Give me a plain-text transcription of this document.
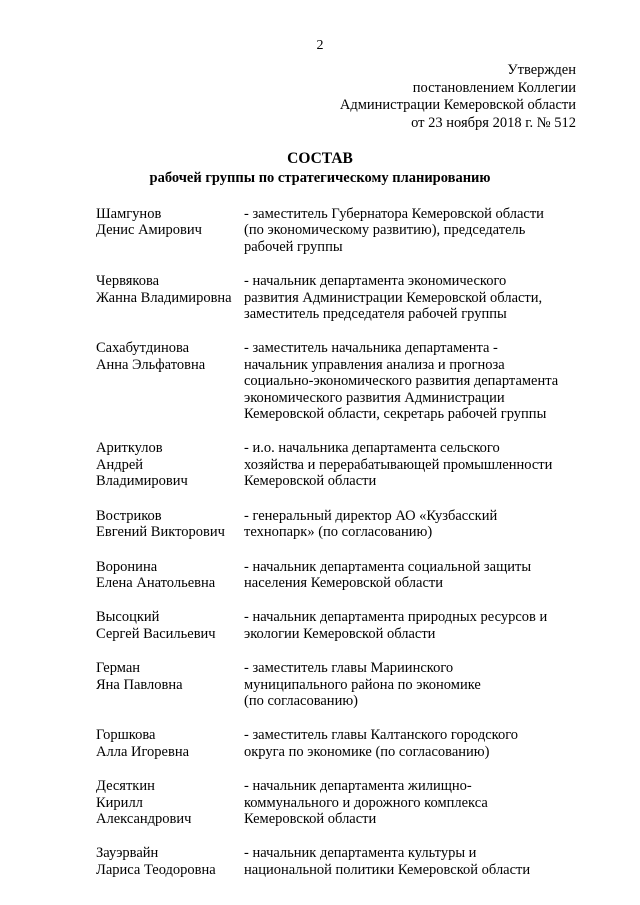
2
Утвержден
постановлением Коллегии
Администрации Кемеровской области
от 23 ноября 2018 г. № 512
СОСТАВ
рабочей группы по стратегическому планированию
Шамгунов
Денис Амирович
- заместитель Губернатора Кемеровской области
(по экономическому развитию), председатель
рабочей группы
Червякова
Жанна Владимировна
- начальник департамента экономического
развития Администрации Кемеровской области,
заместитель председателя рабочей группы
Сахабутдинова
Анна Эльфатовна
- заместитель начальника департамента -
начальник управления анализа и прогноза
социально-экономического развития департамента
экономического развития Администрации
Кемеровской области, секретарь рабочей группы
Ариткулов
Андрей
Владимирович
- и.о. начальника департамента сельского
хозяйства и перерабатывающей промышленности
Кемеровской области
Востриков
Евгений Викторович
- генеральный директор АО «Кузбасский
технопарк» (по согласованию)
Воронина
Елена Анатольевна
- начальник департамента социальной защиты
населения Кемеровской области
Высоцкий
Сергей Васильевич
- начальник департамента природных ресурсов и
экологии Кемеровской области
Герман
Яна Павловна
- заместитель главы Мариинского
муниципального района по экономике
(по согласованию)
Горшкова
Алла Игоревна
- заместитель главы Калтанского городского
округа по экономике (по согласованию)
Десяткин
Кирилл
Александрович
- начальник департамента жилищно-
коммунального и дорожного комплекса
Кемеровской области
Зауэрвайн
Лариса Теодоровна
- начальник департамента культуры и
национальной политики Кемеровской области
